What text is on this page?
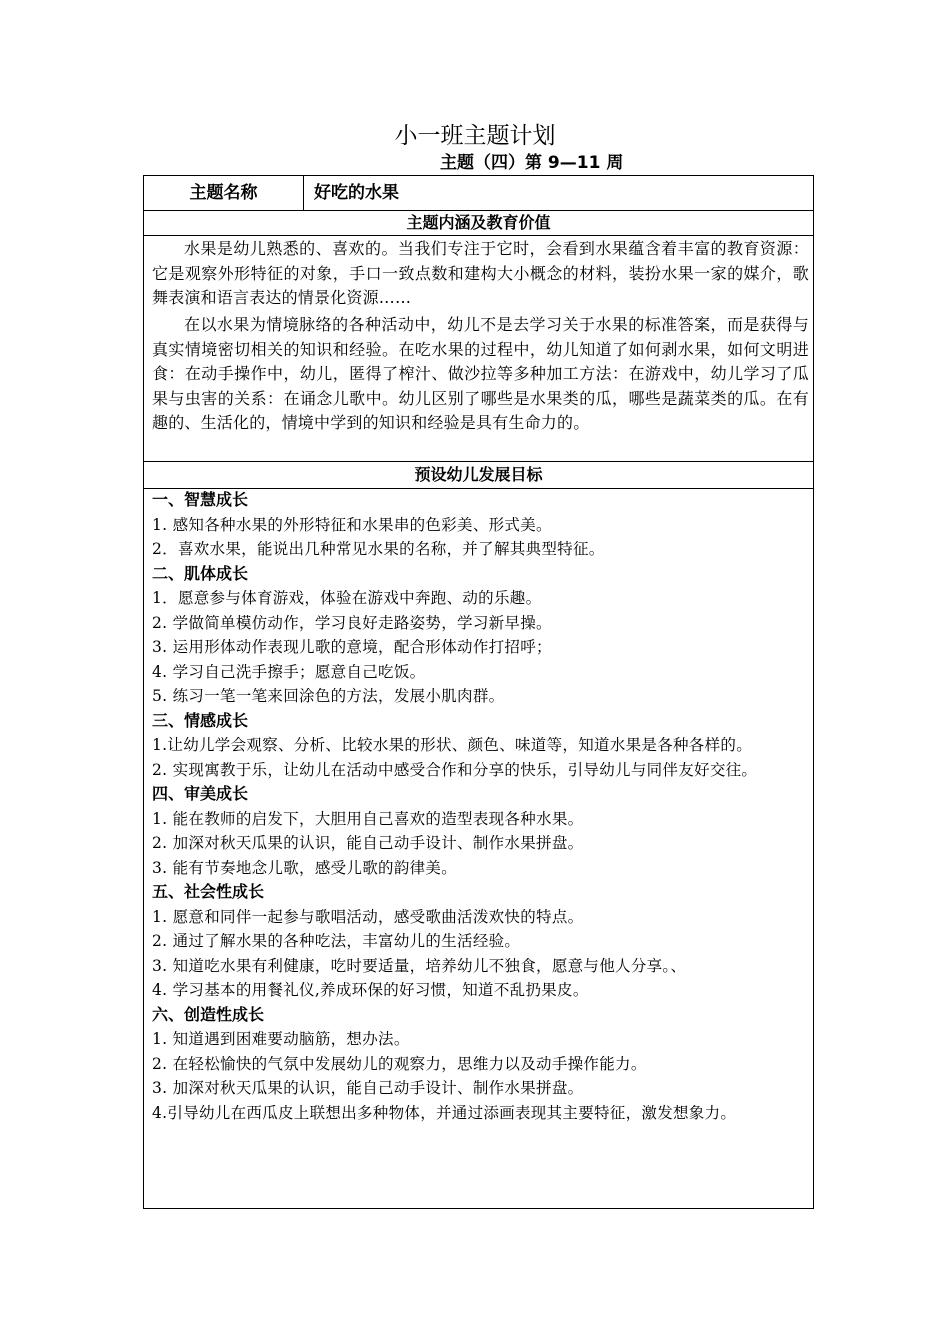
小一班主题计划
主题（四）第 9—11 周
主题名称	好吃的水果
主题内涵及教育价值
水果是幼儿熟悉的、喜欢的。当我们专注于它时，会看到水果蕴含着丰富的教育资源：它是观察外形特征的对象，手口一致点数和建构大小概念的材料，装扮水果一家的媒介，歌舞表演和语言表达的情景化资源……
在以水果为情境脉络的各种活动中，幼儿不是去学习关于水果的标准答案，而是获得与真实情境密切相关的知识和经验。在吃水果的过程中，幼儿知道了如何剥水果，如何文明进食：在动手操作中，幼儿，匿得了榨汁、做沙拉等多种加工方法：在游戏中，幼儿学习了瓜果与虫害的关系：在诵念儿歌中。幼儿区别了哪些是水果类的瓜，哪些是蔬菜类的瓜。在有趣的、生活化的，情境中学到的知识和经验是具有生命力的。
预设幼儿发展目标

一、智慧成长

1. 感知各种水果的外形特征和水果串的色彩美、形式美。

2．喜欢水果，能说出几种常见水果的名称，并了解其典型特征。

二、肌体成长

1．愿意参与体育游戏，体验在游戏中奔跑、动的乐趣。

2. 学做简单模仿动作，学习良好走路姿势，学习新早操。

3. 运用形体动作表现儿歌的意境，配合形体动作打招呼；

4. 学习自己洗手擦手；愿意自己吃饭。

5. 练习一笔一笔来回涂色的方法，发展小肌肉群。

三、情感成长

1.让幼儿学会观察、分析、比较水果的形状、颜色、味道等，知道水果是各种各样的。

2. 实现寓教于乐，让幼儿在活动中感受合作和分享的快乐，引导幼儿与同伴友好交往。

四、审美成长

1. 能在教师的启发下，大胆用自己喜欢的造型表现各种水果。

2. 加深对秋天瓜果的认识，能自己动手设计、制作水果拼盘。

3. 能有节奏地念儿歌，感受儿歌的韵律美。

五、社会性成长

1. 愿意和同伴一起参与歌唱活动，感受歌曲活泼欢快的特点。

2. 通过了解水果的各种吃法，丰富幼儿的生活经验。

3. 知道吃水果有利健康，吃时要适量，培养幼儿不独食，愿意与他人分享。、

4. 学习基本的用餐礼仪,养成环保的好习惯，知道不乱扔果皮。

六、创造性成长

1. 知道遇到困难要动脑筋，想办法。

2. 在轻松愉快的气氛中发展幼儿的观察力，思维力以及动手操作能力。

3. 加深对秋天瓜果的认识，能自己动手设计、制作水果拼盘。

4.引导幼儿在西瓜皮上联想出多种物体，并通过添画表现其主要特征，激发想象力。
